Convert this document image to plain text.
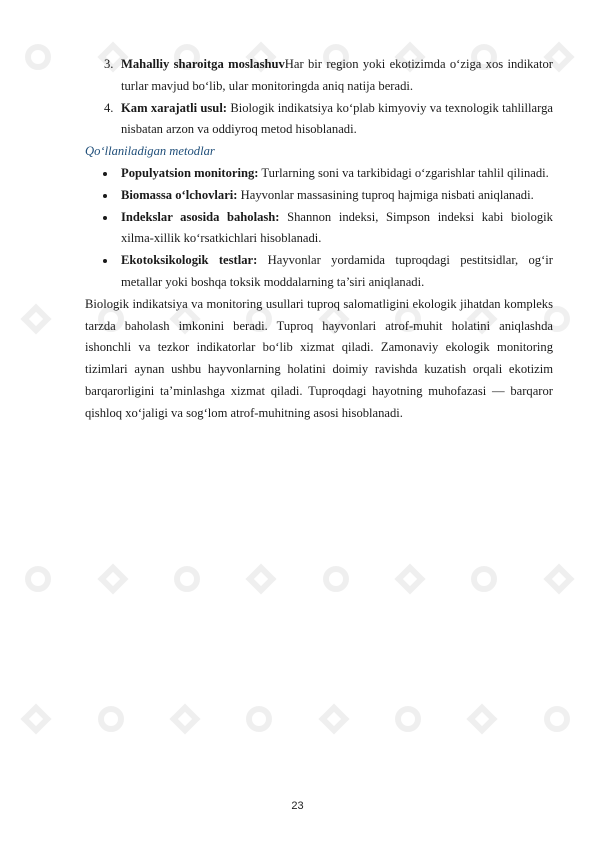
3. Mahalliy sharoitga moslashuvHar bir region yoki ekotizimda o‘ziga xos indikator turlar mavjud bo‘lib, ular monitoringda aniq natija beradi.
4. Kam xarajatli usul: Biologik indikatsiya ko‘plab kimyoviy va texnologik tahlillarga nisbatan arzon va oddiyroq metod hisoblanadi.

Qo‘llaniladigan metodlar

Populyatsion monitoring: Turlarning soni va tarkibidagi o‘zgarishlar tahlil qilinadi.
Biomassa o‘lchovlari: Hayvonlar massasining tuproq hajmiga nisbati aniqlanadi.
Indekslar asosida baholash: Shannon indeksi, Simpson indeksi kabi biologik xilma-xillik ko‘rsatkichlari hisoblanadi.
Ekotoksikologik testlar: Hayvonlar yordamida tuproqdagi pestitsidlar, og‘ir metallar yoki boshqa toksik moddalarning ta’siri aniqlanadi.

Biologik indikatsiya va monitoring usullari tuproq salomatligini ekologik jihatdan kompleks tarzda baholash imkonini beradi. Tuproq hayvonlari atrof-muhit holatini aniqlashda ishonchli va tezkor indikatorlar bo‘lib xizmat qiladi. Zamonaviy ekologik monitoring tizimlari aynan ushbu hayvonlarning holatini doimiy ravishda kuzatish orqali ekotizim barqarorligini ta’minlashga xizmat qiladi. Tuproqdagi hayotning muhofazasi — barqaror qishloq xo‘jaligi va sog‘lom atrof-muhitning asosi hisoblanadi.

23
